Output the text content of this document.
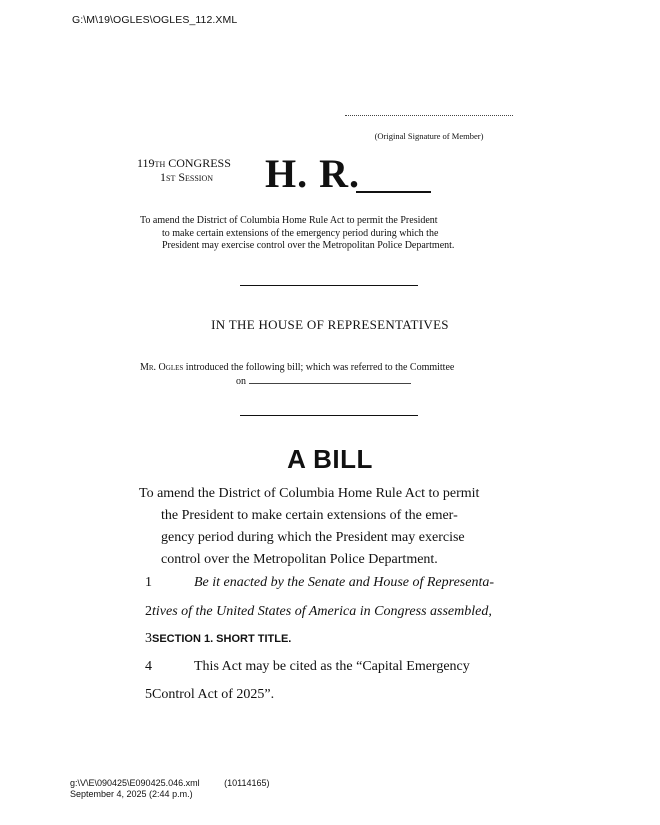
G:\M\19\OGLES\OGLES_112.XML
(Original Signature of Member)
119th CONGRESS
1st Session	H. R.
To amend the District of Columbia Home Rule Act to permit the President
to make certain extensions of the emergency period during which the
President may exercise control over the Metropolitan Police Department.
IN THE HOUSE OF REPRESENTATIVES
Mr. Ogles introduced the following bill; which was referred to the Committee
on
A BILL
To amend the District of Columbia Home Rule Act to permit
the President to make certain extensions of the emer-
gency period during which the President may exercise
control over the Metropolitan Police Department.
1	Be it enacted by the Senate and House of Representa-
2 tives of the United States of America in Congress assembled,
3 SECTION 1. SHORT TITLE.
4	This Act may be cited as the “Capital Emergency
5 Control Act of 2025”.
g:\V\E\090425\E090425.046.xml	(10114165)
September 4, 2025 (2:44 p.m.)
